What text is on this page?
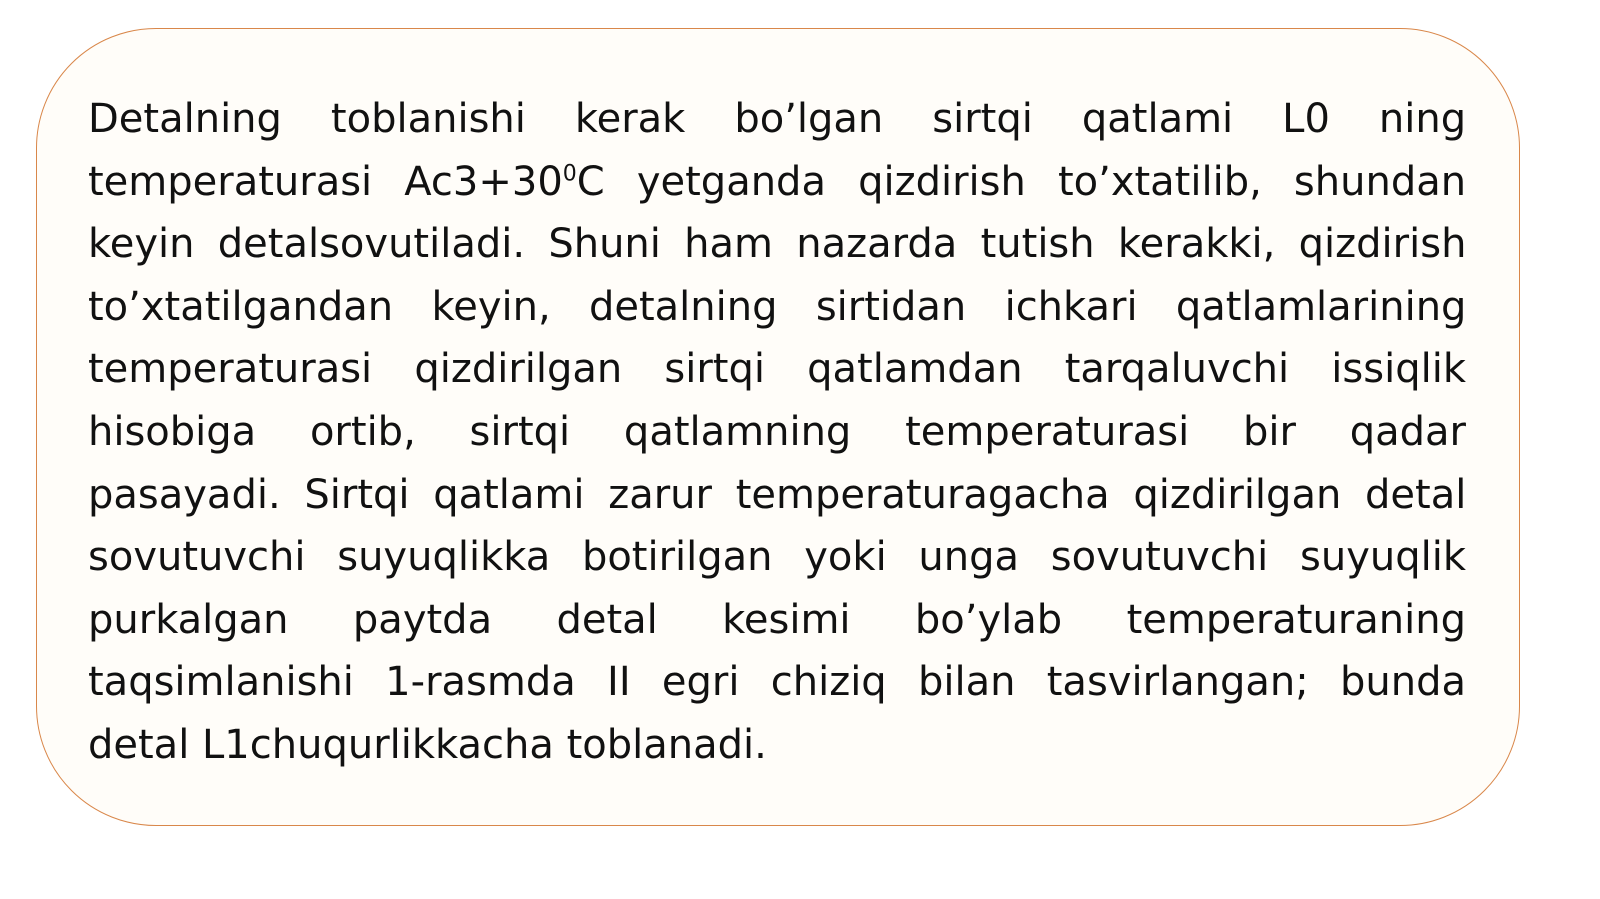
Detalning toblanishi kerak bo’lgan sirtqi qatlami L0 ning
temperaturasi $Ac3+30^0C$ yetganda qizdirish to’xtatilib, shundan
keyin detalsovutiladi. Shuni ham nazarda tutish kerakki, qizdirish
to’xtatilgandan keyin, detalning sirtidan ichkari qatlamlarining
temperaturasi qizdirilgan sirtqi qatlamdan tarqaluvchi issiqlik
hisobiga ortib, sirtqi qatlamning temperaturasi bir qadar
pasayadi. Sirtqi qatlami zarur temperaturagacha qizdirilgan detal
sovutuvchi suyuqlikka botirilgan yoki unga sovutuvchi suyuqlik
purkalgan paytda detal kesimi bo’ylab temperaturaning
taqsimlanishi 1-rasmda II egri chiziq bilan tasvirlangan; bunda
detal L1chuqurlikkacha toblanadi.
